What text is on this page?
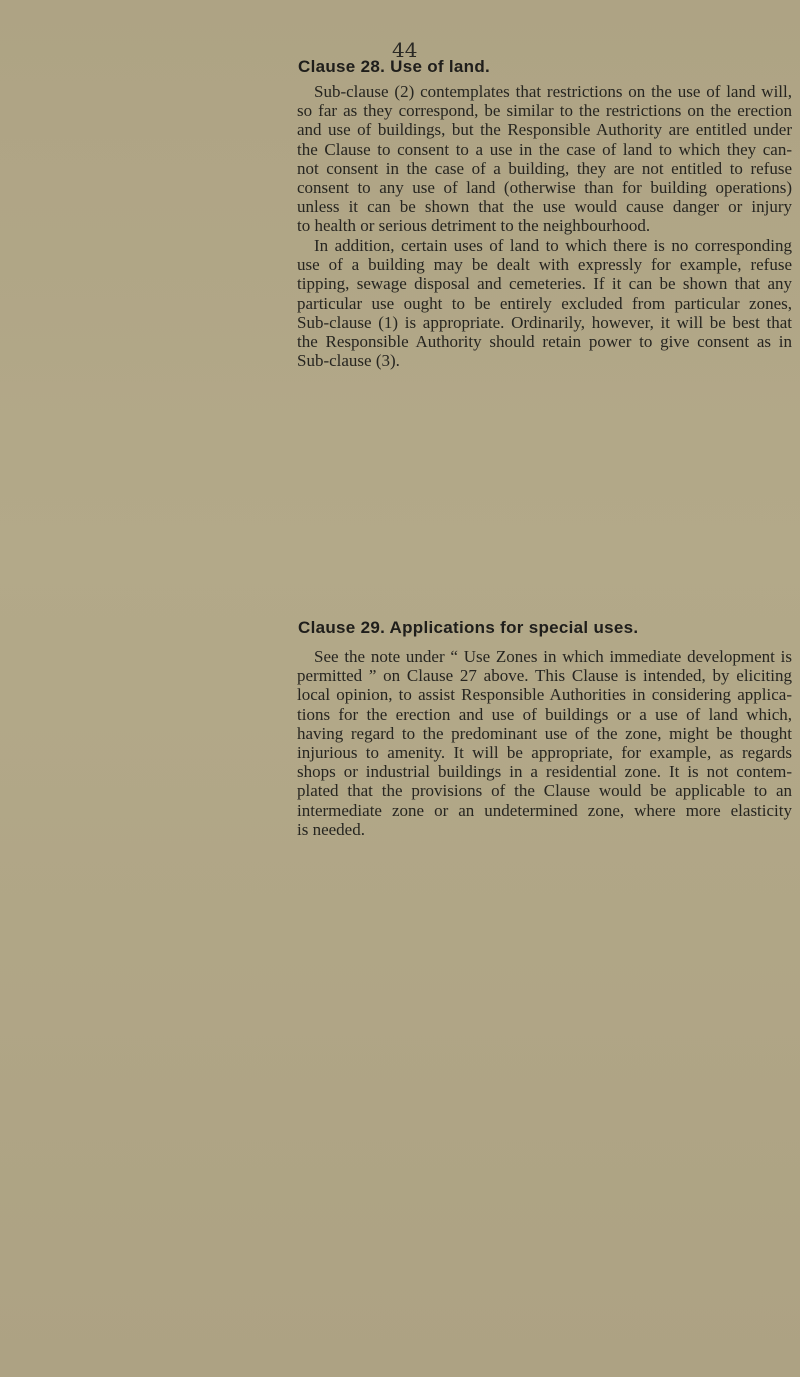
44
Clause 28. Use of land.
Sub-clause (2) contemplates that restrictions on the use of land will,
so far as they correspond, be similar to the restrictions on the erection
and use of buildings, but the Responsible Authority are entitled under
the Clause to consent to a use in the case of land to which they can-
not consent in the case of a building, they are not entitled to refuse
consent to any use of land (otherwise than for building operations)
unless it can be shown that the use would cause danger or injury
to health or serious detriment to the neighbourhood.
In addition, certain uses of land to which there is no corresponding
use of a building may be dealt with expressly for example, refuse
tipping, sewage disposal and cemeteries. If it can be shown that any
particular use ought to be entirely excluded from particular zones,
Sub-clause (1) is appropriate. Ordinarily, however, it will be best that
the Responsible Authority should retain power to give consent as in
Sub-clause (3).
Clause 29. Applications for special uses.
See the note under “ Use Zones in which immediate development is
permitted ” on Clause 27 above. This Clause is intended, by eliciting
local opinion, to assist Responsible Authorities in considering applica-
tions for the erection and use of buildings or a use of land which,
having regard to the predominant use of the zone, might be thought
injurious to amenity. It will be appropriate, for example, as regards
shops or industrial buildings in a residential zone. It is not contem-
plated that the provisions of the Clause would be applicable to an
intermediate zone or an undetermined zone, where more elasticity
is needed.
